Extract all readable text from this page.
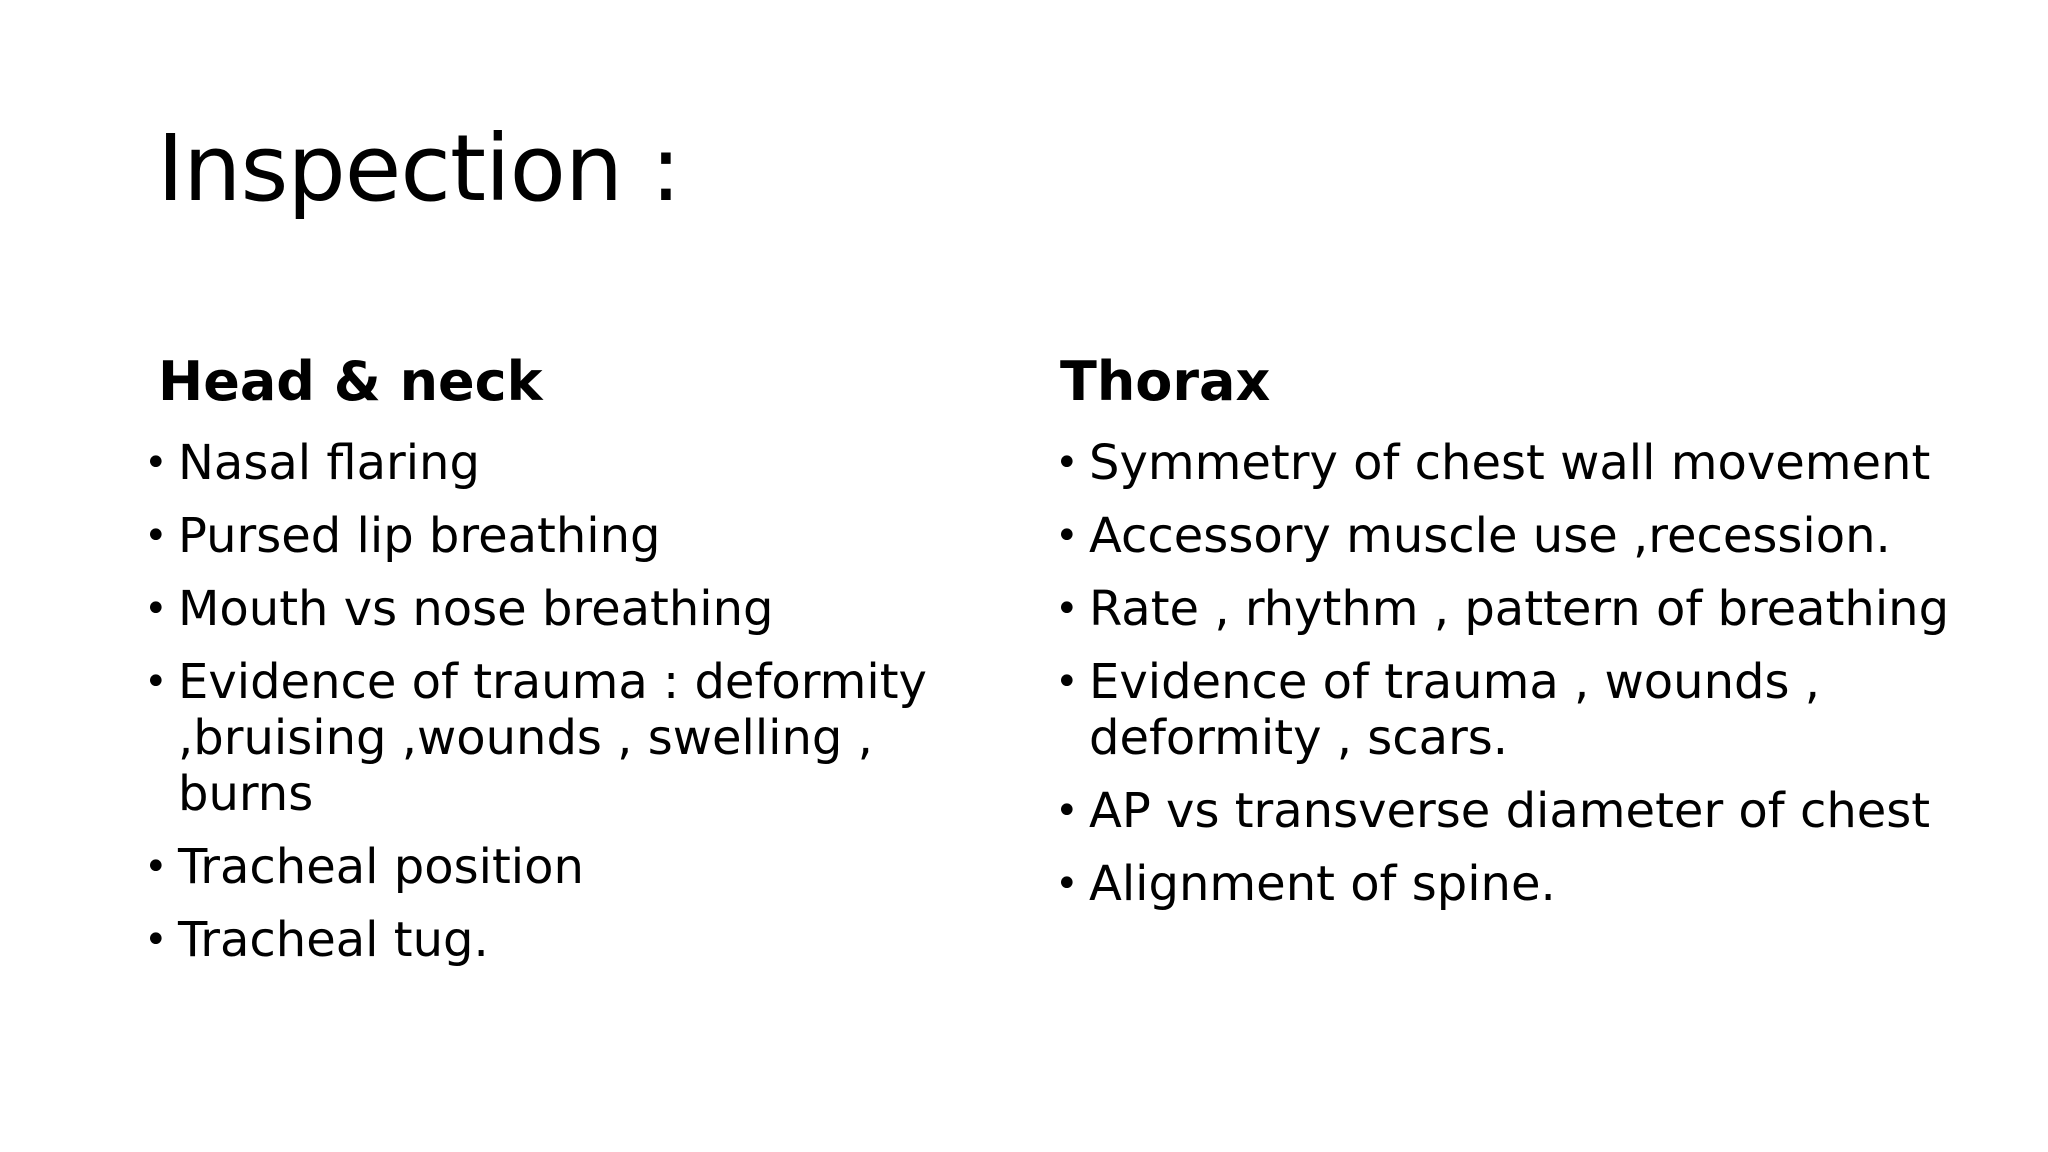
Inspection :
Head & neck
• Nasal flaring
• Pursed lip breathing
• Mouth vs nose breathing
• Evidence of trauma : deformity ,bruising ,wounds , swelling , burns
• Tracheal position
• Tracheal tug.
Thorax
• Symmetry of chest wall movement
• Accessory muscle use ,recession.
• Rate , rhythm , pattern of breathing
• Evidence of trauma , wounds , deformity , scars.
• AP vs transverse diameter of chest
• Alignment of spine.
